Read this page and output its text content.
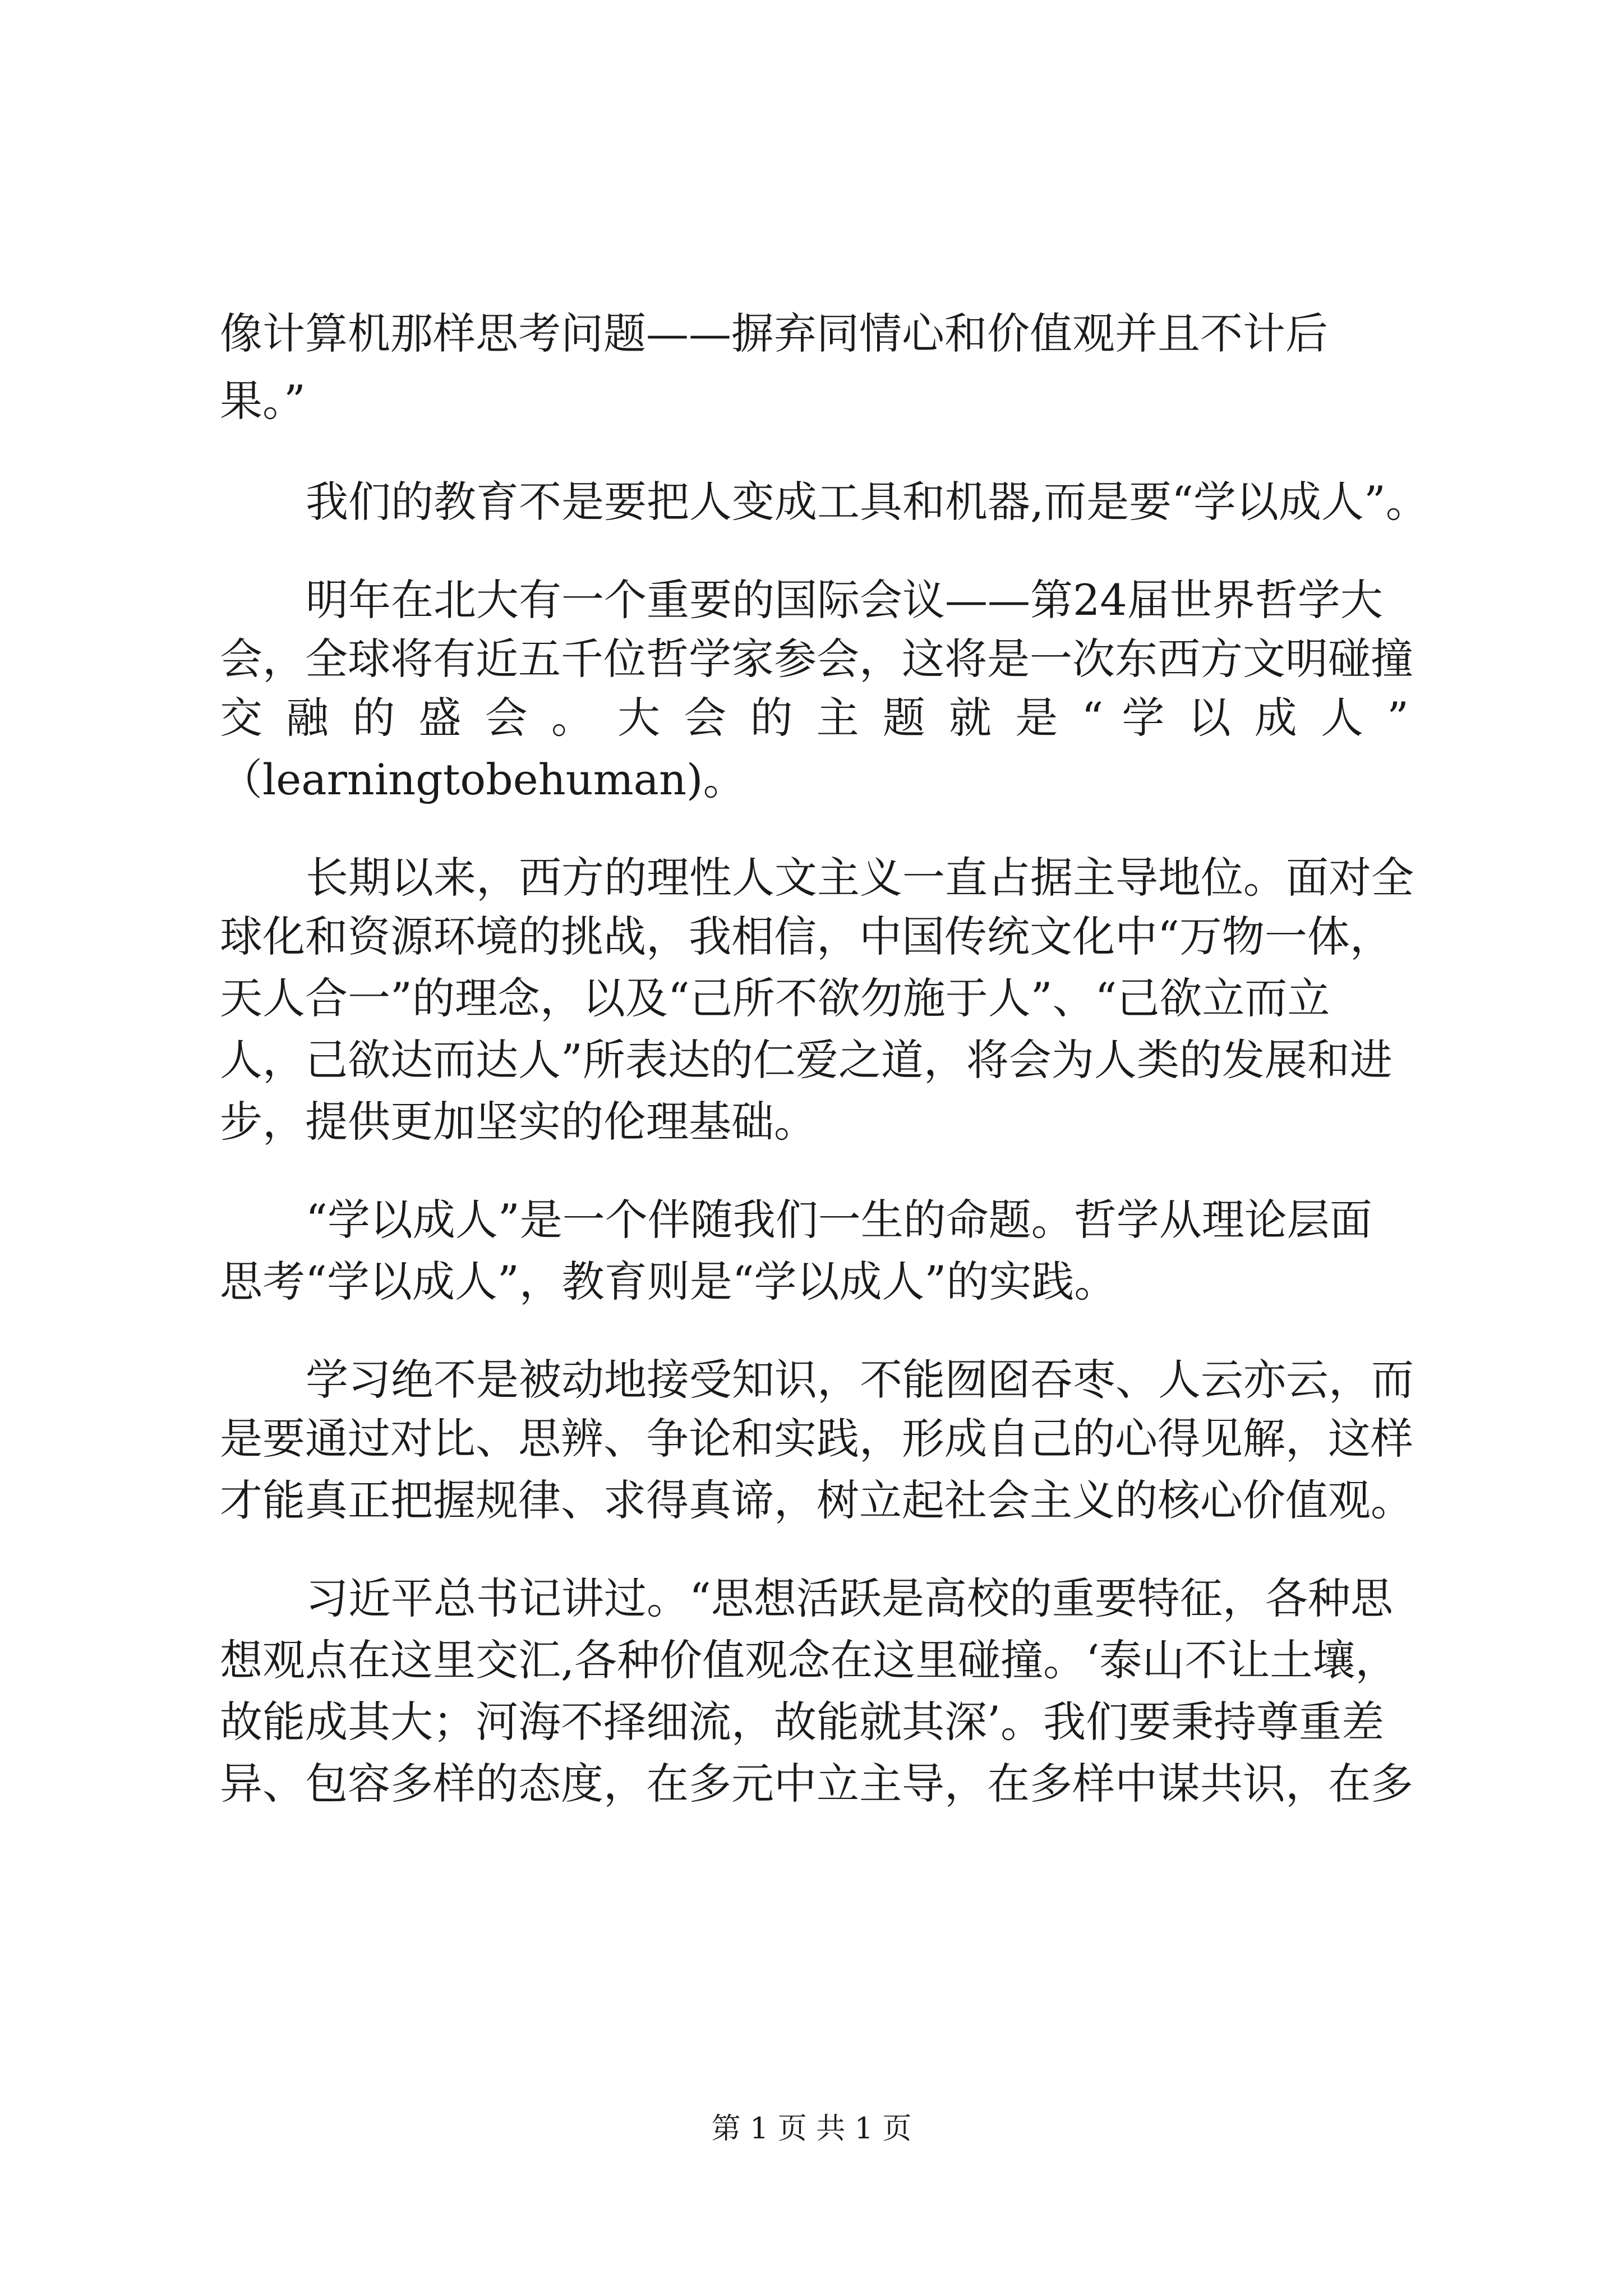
像计算机那样思考问题——摒弃同情心和价值观并且不计后
果。”
我们的教育不是要把人变成工具和机器,而是要“学以成人”。
明年在北大有一个重要的国际会议——第24届世界哲学大
会，全球将有近五千位哲学家参会，这将是一次东西方文明碰撞
交 融 的 盛 会 。 大 会 的 主 题 就 是 “ 学 以 成 人 ”
（learningtobehuman)。
长期以来，西方的理性人文主义一直占据主导地位。面对全
球化和资源环境的挑战，我相信，中国传统文化中“万物一体，
天人合一”的理念，以及“己所不欲勿施于人”、“己欲立而立
人，己欲达而达人”所表达的仁爱之道，将会为人类的发展和进
步，提供更加坚实的伦理基础。
“学以成人”是一个伴随我们一生的命题。哲学从理论层面
思考“学以成人”，教育则是“学以成人”的实践。
学习绝不是被动地接受知识，不能囫囵吞枣、人云亦云，而
是要通过对比、思辨、争论和实践，形成自己的心得见解，这样
才能真正把握规律、求得真谛，树立起社会主义的核心价值观。
习近平总书记讲过。“思想活跃是高校的重要特征，各种思
想观点在这里交汇,各种价值观念在这里碰撞。‘泰山不让土壤，
故能成其大；河海不择细流，故能就其深’。我们要秉持尊重差
异、包容多样的态度，在多元中立主导，在多样中谋共识，在多
第 1 页 共 1 页
